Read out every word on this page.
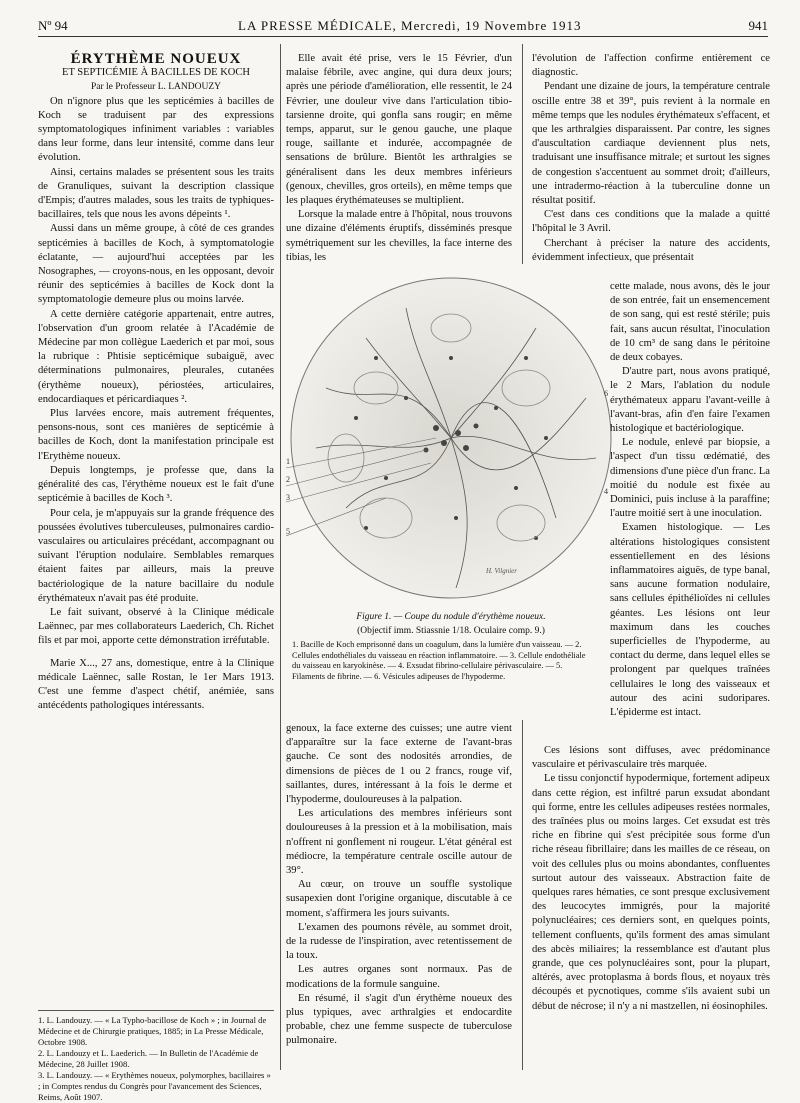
Nº 94	LA PRESSE MÉDICALE, Mercredi, 19 Novembre 1913	941

ÉRYTHÈME NOUEUX

ET SEPTICÉMIE À BACILLES DE KOCH

Par le Professeur L. LANDOUZY

On n'ignore plus que les septicémies à bacilles de Koch se traduisent par des expressions symptomatologiques infiniment variables : variables dans leur forme, dans leur intensité, comme dans leur évolution.

Ainsi, certains malades se présentent sous les traits de Granuliques, suivant la description classique d'Empis; d'autres malades, sous les traits de typhiques-bacillaires, tels que nous les avons dépeints ¹.

Aussi dans un même groupe, à côté de ces grandes septicémies à bacilles de Koch, à symptomatologie éclatante, — aujourd'hui acceptées par les Nosographes, — croyons-nous, en les opposant, devoir réunir des septicémies à bacilles de Kock dont la symptomatologie demeure plus ou moins larvée.

A cette dernière catégorie appartenait, entre autres, l'observation d'un groom relatée à l'Académie de Médecine par mon collègue Laederich et par moi, sous la rubrique : Phtisie septicémique subaiguë, avec déterminations pulmonaires, pleurales, cutanées (érythème noueux), périostées, articulaires, endocardiaques et péricardiaques ².

Plus larvées encore, mais autrement fréquentes, pensons-nous, sont ces manières de septicémie à bacilles de Koch, dont la manifestation principale est l'Erythème noueux.

Depuis longtemps, je professe que, dans la généralité des cas, l'érythème noueux est le fait d'une septicémie à bacilles de Koch ³.

Pour cela, je m'appuyais sur la grande fréquence des poussées évolutives tuberculeuses, pulmonaires cardio-vasculaires ou articulaires précédant, accompagnant ou suivant l'éruption nodulaire. Semblables remarques étaient faites par ailleurs, mais la preuve bactériologique de la nature bacillaire du nodule érythémateux n'avait pas été produite.

Le fait suivant, observé à la Clinique médicale Laënnec, par mes collaborateurs Laederich, Ch. Richet fils et par moi, apporte cette démonstration irréfutable.

Marie X..., 27 ans, domestique, entre à la Clinique médicale Laënnec, salle Rostan, le 1er Mars 1913. C'est une femme d'aspect chétif, anémiée, sans antécédents pathologiques intéressants.

1. L. Landouzy. — « La Typho-bacillose de Koch » ; in Journal de Médecine et de Chirurgie pratiques, 1885; in La Presse Médicale, Octobre 1908.

2. L. Landouzy et L. Laederich. — In Bulletin de l'Académie de Médecine, 28 Juillet 1908.

3. L. Landouzy. — « Erythèmes noueux, polymorphes, bacillaires » ; in Comptes rendus du Congrès pour l'avancement des Sciences, Reims, Août 1907.

Elle avait été prise, vers le 15 Février, d'un malaise fébrile, avec angine, qui dura deux jours; après une période d'amélioration, elle ressentit, le 24 Février, une douleur vive dans l'articulation tibio-tarsienne droite, qui gonfla sans rougir; en même temps, apparut, sur le genou gauche, une plaque rouge, saillante et indurée, accompagnée de sensations de brûlure. Bientôt les arthralgies se généralisent dans les deux membres inférieurs (genoux, chevilles, gros orteils), en même temps que les plaques érythémateuses se multiplient.

Lorsque la malade entre à l'hôpital, nous trouvons une dizaine d'éléments éruptifs, disséminés presque symétriquement sur les chevilles, la face interne des tibias, les

l'évolution de l'affection confirme entièrement ce diagnostic.

Pendant une dizaine de jours, la température centrale oscille entre 38 et 39°, puis revient à la normale en même temps que les nodules érythémateux s'effacent, et que les arthralgies disparaissent. Par contre, les signes d'auscultation cardiaque deviennent plus nets, traduisant une insuffisance mitrale; et surtout les signes de congestion s'accentuent au sommet droit; d'ailleurs, une intradermo-réaction à la tuberculine donne un résultat positif.

C'est dans ces conditions que la malade a quitté l'hôpital le 3 Avril.

Cherchant à préciser la nature des accidents, évidemment infectieux, que présentait

1
2
3
4
5
6
H. Vilgnier
Figure 1. — Coupe du nodule d'érythème noueux.
(Objectif imm. Stiassnie 1/18. Oculaire comp. 9.)
1. Bacille de Koch emprisonné dans un coagulum, dans la lumière d'un vaisseau. — 2. Cellules endothéliales du vaisseau en réaction inflammatoire. — 3. Cellule endothéliale du vaisseau en karyokinèse. — 4. Exsudat fibrino-cellulaire périvasculaire. — 5. Filaments de fibrine. — 6. Vésicules adipeuses de l'hypoderme.

cette malade, nous avons, dès le jour de son entrée, fait un ensemencement de son sang, qui est resté stérile; puis fait, sans aucun résultat, l'inoculation de 10 cm³ de sang dans le péritoine de deux cobayes.

D'autre part, nous avons pratiqué, le 2 Mars, l'ablation du nodule érythémateux apparu l'avant-veille à l'avant-bras, afin d'en faire l'examen histologique et bactériologique.

Le nodule, enlevé par biopsie, a l'aspect d'un tissu œdématié, des dimensions d'une pièce d'un franc. La moitié du nodule est fixée au Dominici, puis incluse à la paraffine; l'autre moitié sert à une inoculation.

Examen histologique. — Les altérations histologiques consistent essentiellement en des lésions inflammatoires aiguës, de type banal, sans aucune formation nodulaire, sans cellules épithélioïdes ni cellules géantes. Les lésions ont leur maximum dans les couches superficielles de l'hypoderme, au contact du derme, dans lequel elles se prolongent par quelques traînées cellulaires le long des vaisseaux et autour des acini sudoripares. L'épiderme est intact.

genoux, la face externe des cuisses; une autre vient d'apparaître sur la face externe de l'avant-bras gauche. Ce sont des nodosités arrondies, de dimensions de pièces de 1 ou 2 francs, rouge vif, saillantes, dures, intéressant à la fois le derme et l'hypoderme, douloureuses à la palpation.

Les articulations des membres inférieurs sont douloureuses à la pression et à la mobilisation, mais n'offrent ni gonflement ni rougeur. L'état général est médiocre, la température centrale oscille autour de 39°.

Au cœur, on trouve un souffle systolique susapexien dont l'origine organique, discutable à ce moment, s'affirmera les jours suivants.

L'examen des poumons révèle, au sommet droit, de la rudesse de l'inspiration, avec retentissement de la toux.

Les autres organes sont normaux. Pas de modications de la formule sanguine.

En résumé, il s'agit d'un érythème noueux des plus typiques, avec arthralgies et endocardite probable, chez une femme suspecte de tuberculose pulmonaire.

Ces lésions sont diffuses, avec prédominance vasculaire et périvasculaire très marquée.

Le tissu conjonctif hypodermique, fortement adipeux dans cette région, est infiltré parun exsudat abondant qui forme, entre les cellules adipeuses restées normales, des traînées plus ou moins larges. Cet exsudat est très riche en fibrine qui s'est précipitée sous forme d'un riche réseau fibrillaire; dans les mailles de ce réseau, on voit des cellules plus ou moins abondantes, confluentes surtout autour des vaisseaux. Abstraction faite de quelques rares hématies, ce sont presque exclusivement des leucocytes immigrés, pour la majorité polynucléaires; ces derniers sont, en quelques points, tellement confluents, qu'ils forment des amas simulant des abcès miliaires; la ressemblance est d'autant plus grande, que ces polynucléaires sont, pour la plupart, altérés, avec protoplasma à bords flous, et noyaux très découpés et pycnotiques, comme s'ils avaient subi un début de nécrose; il n'y a ni mastzellen, ni éosinophiles.
